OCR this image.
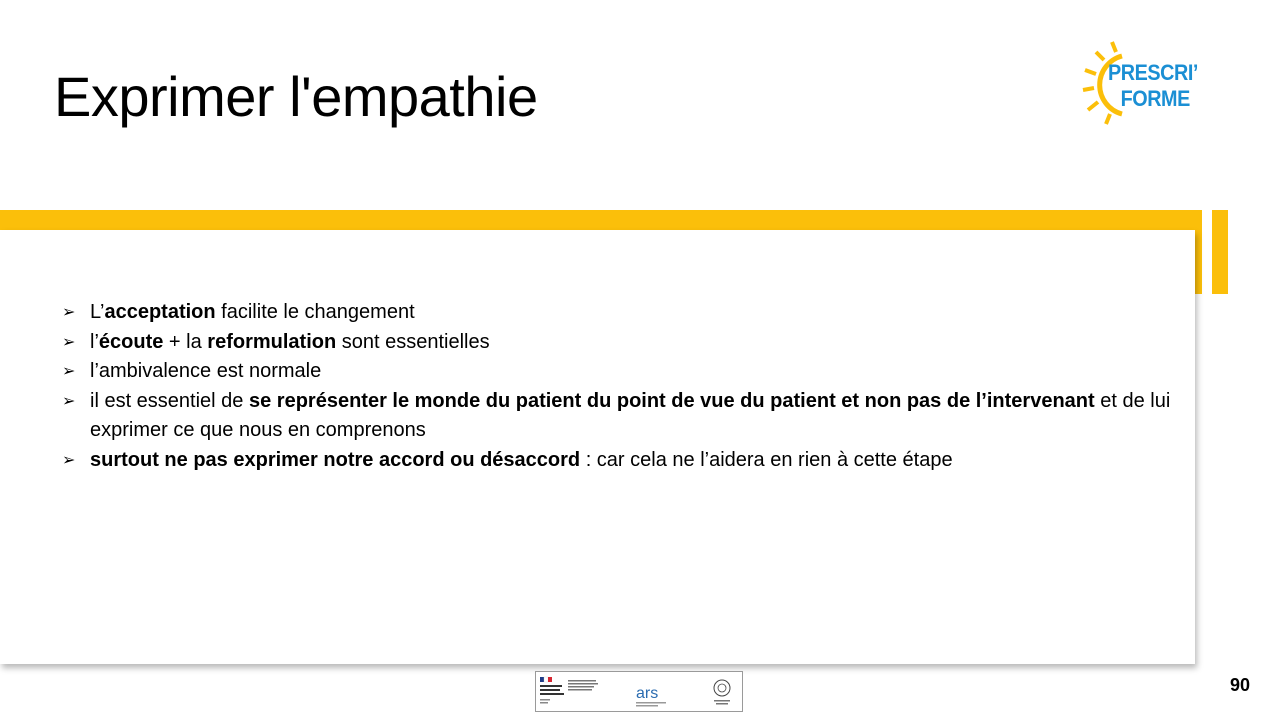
Exprimer l'empathie	PRESCRI’
FORME
➢ L’acceptation facilite le changement
➢ l’écoute + la reformulation sont essentielles
➢ l’ambivalence est normale
➢ il est essentiel de se représenter le monde du patient du point de vue du patient et non pas de l’intervenant et de lui exprimer ce que nous en comprenons
➢ surtout ne pas exprimer notre accord ou désaccord : car cela ne l’aidera en rien à cette étape
ars	90
